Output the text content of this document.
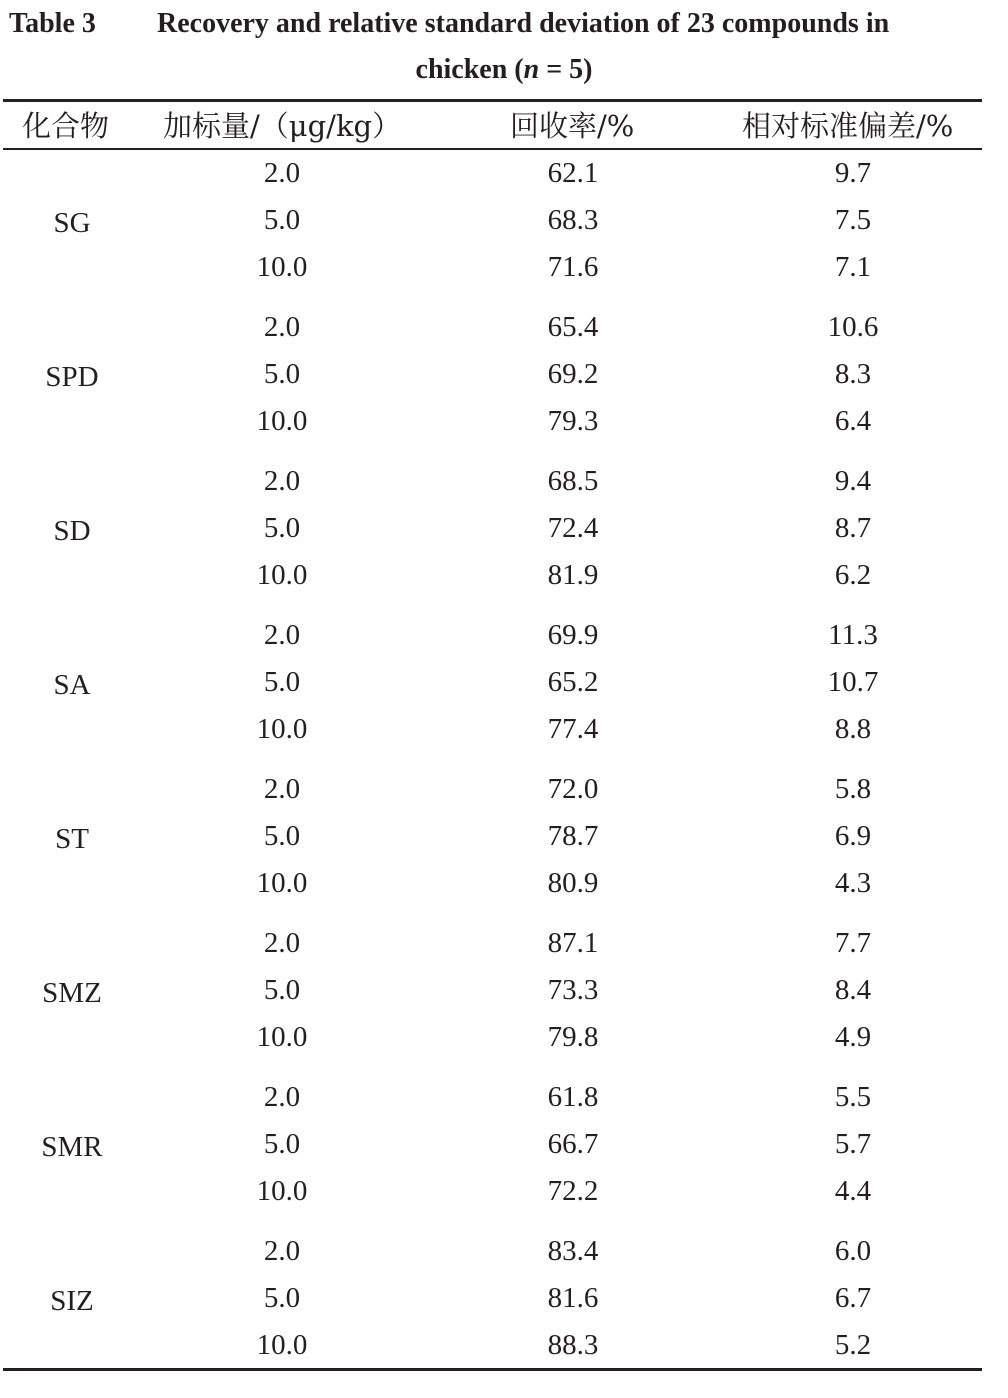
Table 3 Recovery and relative standard deviation of 23 compounds in
chicken (n = 5)
化合物 加标量/（μg/kg）	回收率/%	相对标准偏差/%
SG
2.0	62.1	9.7
5.0	68.3	7.5
10.0	71.6	7.1
SPD
2.0	65.4	10.6
5.0	69.2	8.3
10.0	79.3	6.4
SD
2.0	68.5	9.4
5.0	72.4	8.7
10.0	81.9	6.2
SA
2.0	69.9	11.3
5.0	65.2	10.7
10.0	77.4	8.8
ST
2.0	72.0	5.8
5.0	78.7	6.9
10.0	80.9	4.3
SMZ
2.0	87.1	7.7
5.0	73.3	8.4
10.0	79.8	4.9
SMR
2.0	61.8	5.5
5.0	66.7	5.7
10.0	72.2	4.4
SIZ
2.0	83.4	6.0
5.0	81.6	6.7
10.0	88.3	5.2
